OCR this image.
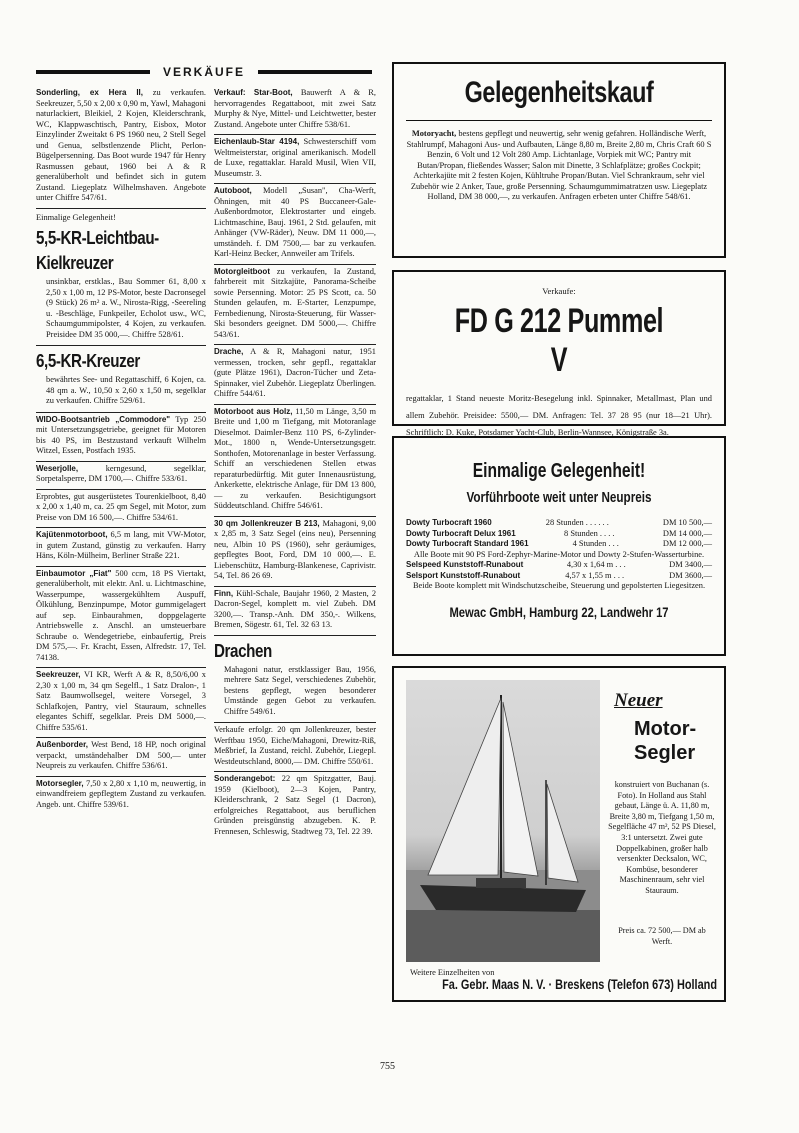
VERKÄUFE
Sonderling, ex Hera II, zu verkaufen. Seekreuzer, 5,50 x 2,00 x 0,90 m, Yawl, Mahagoni naturlackiert, Bleikiel, 2 Kojen, Kleiderschrank, WC, Klappwaschtisch, Pantry, Eisbox, Motor Einzylinder Zweitakt 6 PS 1960 neu, 2 Stell Segel und Genua, selbstlenzende Plicht, Perlon-Bügelpersenning. Das Boot wurde 1947 für Henry Rasmussen gebaut, 1960 bei A & R generalüberholt und befindet sich in gutem Zustand. Liegeplatz Wilhelmshaven. Angebote unter Chiffre 547/61.
Einmalige Gelegenheit!
5,5-KR-Leichtbau-
Kielkreuzer
unsinkbar, erstklas., Bau Sommer 61, 8,00 x 2,50 x 1,00 m, 12 PS-Motor, beste Dacronsegel (9 Stück) 26 m² a. W., Nirosta-Rigg, -Seereling u. -Beschläge, Funkpeiler, Echolot usw., WC, Schaumgummipolster, 4 Kojen, zu verkaufen. Preisidee DM 35 000,—. Chiffre 528/61.
6,5-KR-Kreuzer
bewährtes See- und Regattaschiff, 6 Kojen, ca. 48 qm a. W., 10,50 x 2,60 x 1,50 m, segelklar zu verkaufen. Chiffre 529/61.
WIDO-Bootsantrieb „Commodore" Typ 250 mit Untersetzungsgetriebe, geeignet für Motoren bis 40 PS, im Bestzustand verkauft Wilhelm Witzel, Essen, Postfach 1935.
Weserjolle,	kerngesund, segelklar, Sorpetalsperre, DM 1700,—. Chiffre 533/61.
Erprobtes, gut ausgerüstetes Tourenkielboot, 8,40 x 2,00 x 1,40 m, ca. 25 qm Segel, mit Motor, zum Preise von DM 16 500,—. Chiffre 534/61.
Kajütenmotorboot, 6,5 m lang, mit VW-Motor, in gutem Zustand, günstig zu verkaufen. Harry Häns, Köln-Mülheim, Berliner Straße 221.
Einbaumotor „Fiat" 500 ccm, 18 PS Viertakt, generalüberholt, mit elektr. Anl. u. Lichtmaschine, Wasserpumpe, wassergekühltem Auspuff, Ölkühlung, Benzinpumpe, Motor gummigelagert auf sep. Einbaurahmen, doppgelagerte Antriebswelle z. Anschl. an umsteuerbare Schraube o. Wendegetriebe, einbaufertig, Preis DM 575,—. Fr. Kracht, Essen, Alfredstr. 17, Tel. 74138.
Seekreuzer, VI KR, Werft A & R, 8,50/6,00 x 2,30 x 1,00 m, 34 qm Segelfl., 1 Satz Dralon-, 1 Satz Baumwollsegel, weitere Vorsegel, 3 Schlafkojen, Pantry, viel Stauraum, schnelles elegantes Schiff, segelklar. Preis DM 5000,—. Chiffre 535/61.
Außenborder, West Bend, 18 HP, noch original verpackt, umständehalber DM 500,— unter Neupreis zu verkaufen. Chiffre 536/61.
Motorsegler, 7,50 x 2,80 x 1,10 m, neuwertig, in einwandfreiem gepflegtem Zustand zu verkaufen. Angeb. unt. Chiffre 539/61.
Verkauf: Star-Boot, Bauwerft A & R, hervorragendes Regattaboot, mit zwei Satz Murphy & Nye, Mittel- und Leichtwetter, bester Zustand. Angebote unter Chiffre 538/61.
Eichenlaub-Star 4194, Schwesterschiff vom Weltmeisterstar, original amerikanisch. Modell de Luxe, regattaklar. Harald Musil, Wien VII, Museumstr. 3.
Autoboot, Modell „Susan", Cha-Werft, Öhningen, mit 40 PS Buccaneer-Gale-Außenbordmotor, Elektrostarter und eingeb. Lichtmaschine, Bauj. 1961, 2 Std. gelaufen, mit Anhänger (VW-Räder), Neuw. DM 11 000,—, umständeh. f. DM 7500,— bar zu verkaufen. Karl-Heinz Becker, Annweiler am Trifels.
Motorgleitboot zu verkaufen, Ia Zustand, fahrbereit mit Sitzkajüte, Panorama-Scheibe sowie Persenning. Motor: 25 PS Scott, ca. 50 Stunden gelaufen, m. E-Starter, Lenzpumpe, Fernbedienung, Nirosta-Steuerung, für Wasser-Ski besonders geeignet. DM 5000,—. Chiffre 543/61.
Drache, A & R, Mahagoni natur, 1951 vermessen, trocken, sehr gepfl., regattaklar (gute Plätze 1961), Dacron-Tücher und Zeta-Spinnaker, viel Zubehör. Liegeplatz Überlingen. Chiffre 544/61.
Motorboot aus Holz, 11,50 m Länge, 3,50 m Breite und 1,00 m Tiefgang, mit Motoranlage Dieselmot. Daimler-Benz 110 PS, 6-Zylinder-Mot., 1800 n, Wende-Untersetzungsgetr. Sonthofen, Motorenanlage in bester Verfassung. Schiff an verschiedenen Stellen etwas reparaturbedürftig. Mit guter Innenausrüstung, Ankerkette, elektrische Anlage, für DM 13 800,— zu verkaufen. Besichtigungsort Süddeutschland. Chiffre 546/61.
30 qm Jollenkreuzer B 213, Mahagoni, 9,00 x 2,85 m, 3 Satz Segel (eins neu), Persenning neu, Albin 10 PS (1960), sehr geräumiges, gepflegtes Boot, Ford, DM 10 000,—. E. Liebenschütz, Hamburg-Blankenese, Caprivistr. 54, Tel. 86 26 69.
Finn, Kühl-Schale, Baujahr 1960, 2 Masten, 2 Dacron-Segel, komplett m. viel Zubeh. DM 3200,—. Transp.-Anh. DM 350,-. Wilkens, Bremen, Sögestr. 61, Tel. 32 63 13.
Drachen
Mahagoni natur, erstklassiger Bau, 1956, mehrere Satz Segel, verschiedenes Zubehör, bestens gepflegt, wegen besonderer Umstände gegen Gebot zu verkaufen. Chiffre 549/61.
Verkaufe erfolgr. 20 qm Jollenkreuzer, bester Werftbau 1950, Eiche/Mahagoni, Drewitz-Riß, Meßbrief, Ia Zustand, reichl. Zubehör, Liegepl. Westdeutschland, 8000,— DM. Chiffre 550/61.
Sonderangebot: 22 qm Spitzgatter, Bauj. 1959 (Kielboot), 2—3 Kojen, Pantry, Kleiderschrank, 2 Satz Segel (1 Dacron), erfolgreiches Regattaboot, aus beruflichen Gründen preisgünstig abzugeben. K. P. Frennesen, Schleswig, Stadtweg 73, Tel. 22 39.
Gelegenheitskauf

Motoryacht, bestens gepflegt und neuwertig, sehr wenig gefahren. Holländische Werft, Stahlrumpf, Mahagoni Aus- und Aufbauten, Länge 8,80 m, Breite 2,80 m, Chris Craft 60 S Benzin, 6 Volt und 12 Volt 280 Amp. Lichtanlage, Vorpiek mit WC; Pantry mit Butan/Propan, fließendes Wasser; Salon mit Dinette, 3 Schlafplätze; großes Cockpit; Achterkajüte mit 2 festen Kojen, Kühltruhe Propan/Butan. Viel Schrankraum, sehr viel Zubehör wie 2 Anker, Taue, große Persenning. Schaumgummimatratzen usw. Liegeplatz Holland, DM 38 000,—, zu verkaufen. Anfragen erbeten unter Chiffre 548/61.

Verkaufe:
FD G 212 Pummel V

regattaklar, 1 Stand neueste Moritz-Besegelung inkl. Spinnaker, Metallmast, Plan und allem Zubehör. Preisidee: 5500,— DM. Anfragen: Tel. 37 28 95 (nur 18—21 Uhr). Schriftlich: D. Kuke, Potsdamer Yacht-Club, Berlin-Wannsee, Königstraße 3a.

Einmalige Gelegenheit!
Vorführboote weit unter Neupreis
Dowty Turbocraft 1960	28 Stunden . . . . . .	DM 10 500,—
Dowty Turbocraft Delux 1961	8 Stunden . . . .	DM 14 000,—
Dowty Turbocraft Standard 1961	4 Stunden . . .	DM 12 000,—
Alle Boote mit 90 PS Ford-Zephyr-Marine-Motor und Dowty 2-Stufen-Wasserturbine.
Selspeed Kunststoff-Runabout	4,30 x 1,64 m . . .	DM 3400,—
Selsport Kunststoff-Runabout	4,57 x 1,55 m . . .	DM 3600,—
Beide Boote komplett mit Windschutzscheibe, Steuerung und gepolsterten Liegesitzen.
Mewac GmbH, Hamburg 22, Landwehr 17
Neuer
Motor-
Segler
konstruiert von Buchanan (s. Foto). In Holland aus Stahl gebaut, Länge ü. A. 11,80 m, Breite 3,80 m, Tiefgang 1,50 m, Segelfläche 47 m², 52 PS Diesel, 3:1 untersetzt. Zwei gute Doppelkabinen, großer halb versenkter Decksalon, WC, Kombüse, besonderer Maschinenraum, sehr viel Stauraum.
Preis ca. 72 500,— DM ab Werft.
Weitere Einzelheiten von
Fa. Gebr. Maas N. V. · Breskens (Telefon 673) Holland
755
